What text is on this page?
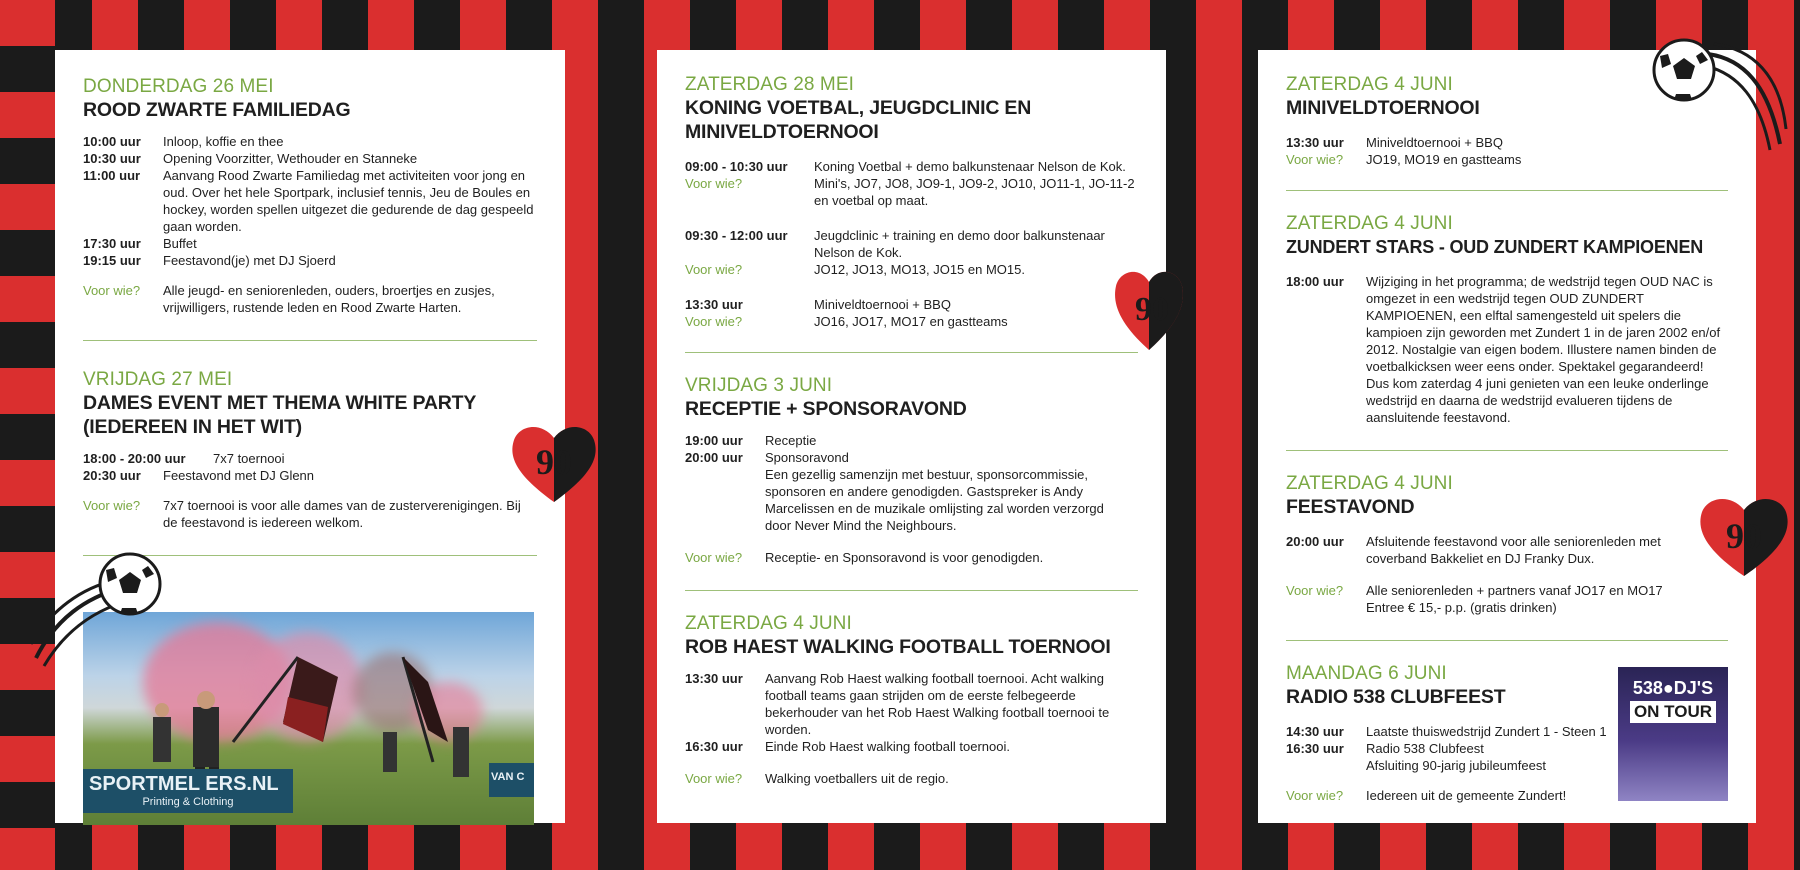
DONDERDAG 26 MEI
ROOD ZWARTE FAMILIEDAG
10:00 uur	Inloop, koffie en thee
10:30 uur	Opening Voorzitter, Wethouder en Stanneke
11:00 uur	Aanvang Rood Zwarte Familiedag met activiteiten voor jong en oud. Over het hele Sportpark, inclusief tennis, Jeu de Boules en hockey, worden spellen uitgezet die gedurende de dag gespeeld gaan worden.
17:30 uur	Buffet
19:15 uur	Feestavond(je) met DJ Sjoerd
Voor wie?	Alle jeugd- en seniorenleden, ouders, broertjes en zusjes, vrijwilligers, rustende leden en Rood Zwarte Harten.
VRIJDAG 27 MEI
DAMES EVENT MET THEMA WHITE PARTY (IEDEREEN IN HET WIT)
18:00 - 20:00 uur	7x7 toernooi
20:30 uur	Feestavond met DJ Glenn
Voor wie?	7x7 toernooi is voor alle dames van de zusterverenigingen. Bij de feestavond is iedereen welkom.
SPORTMEL ERS.NL
Printing & Clothing
VAN C
ZATERDAG 28 MEI
KONING VOETBAL, JEUGDCLINIC EN MINIVELDTOERNOOI
09:00 - 10:30 uur	Koning Voetbal + demo balkunstenaar Nelson de Kok.
Voor wie?	Mini's, JO7, JO8, JO9-1, JO9-2, JO10, JO11-1, JO-11-2 en voetbal op maat.
09:30 - 12:00 uur	Jeugdclinic + training en demo door balkunstenaar Nelson de Kok.
Voor wie?	JO12, JO13, MO13, JO15 en MO15.
13:30 uur	Miniveldtoernooi + BBQ
Voor wie?	JO16, JO17, MO17 en gastteams
VRIJDAG 3 JUNI
RECEPTIE + SPONSORAVOND
19:00 uur	Receptie
20:00 uur	Sponsoravond
Een gezellig samenzijn met bestuur, sponsorcommissie, sponsoren en andere genodigden. Gastspreker is Andy Marcelissen en de muzikale omlijsting zal worden verzorgd door Never Mind the Neighbours.
Voor wie?	Receptie- en Sponsoravond is voor genodigden.
ZATERDAG 4 JUNI
ROB HAEST WALKING FOOTBALL TOERNOOI
13:30 uur	Aanvang Rob Haest walking football toernooi. Acht walking football teams gaan strijden om de eerste felbegeerde bekerhouder van het Rob Haest Walking football toernooi te worden.
16:30 uur	Einde Rob Haest walking football toernooi.
Voor wie?	Walking voetballers uit de regio.
ZATERDAG 4 JUNI
MINIVELDTOERNOOI
13:30 uur	Miniveldtoernooi + BBQ
Voor wie?	JO19, MO19 en gastteams
ZATERDAG 4 JUNI
ZUNDERT STARS - OUD ZUNDERT KAMPIOENEN
18:00 uur	Wijziging in het programma; de wedstrijd tegen OUD NAC is omgezet in een wedstrijd tegen OUD ZUNDERT KAMPIOENEN, een elftal samengesteld uit spelers die kampioen zijn geworden met Zundert 1 in de jaren 2002 en/of 2012. Nostalgie van eigen bodem. Illustere namen binden de voetbalkicksen weer eens onder. Spektakel gegarandeerd! Dus kom zaterdag 4 juni genieten van een leuke onderlinge wedstrijd en daarna de wedstrijd evalueren tijdens de aansluitende feestavond.
ZATERDAG 4 JUNI
FEESTAVOND
20:00 uur	Afsluitende feestavond voor alle seniorenleden met coverband Bakkeliet en DJ Franky Dux.
Voor wie?	Alle seniorenleden + partners vanaf JO17 en MO17 Entree € 15,- p.p. (gratis drinken)
MAANDAG 6 JUNI
RADIO 538 CLUBFEEST
14:30 uur	Laatste thuiswedstrijd Zundert 1 - Steen 1
16:30 uur	Radio 538 Clubfeest
Afsluiting 90-jarig jubileumfeest
Voor wie?	Iedereen uit de gemeente Zundert!
538●DJ'S
ON TOUR
90
90
90
